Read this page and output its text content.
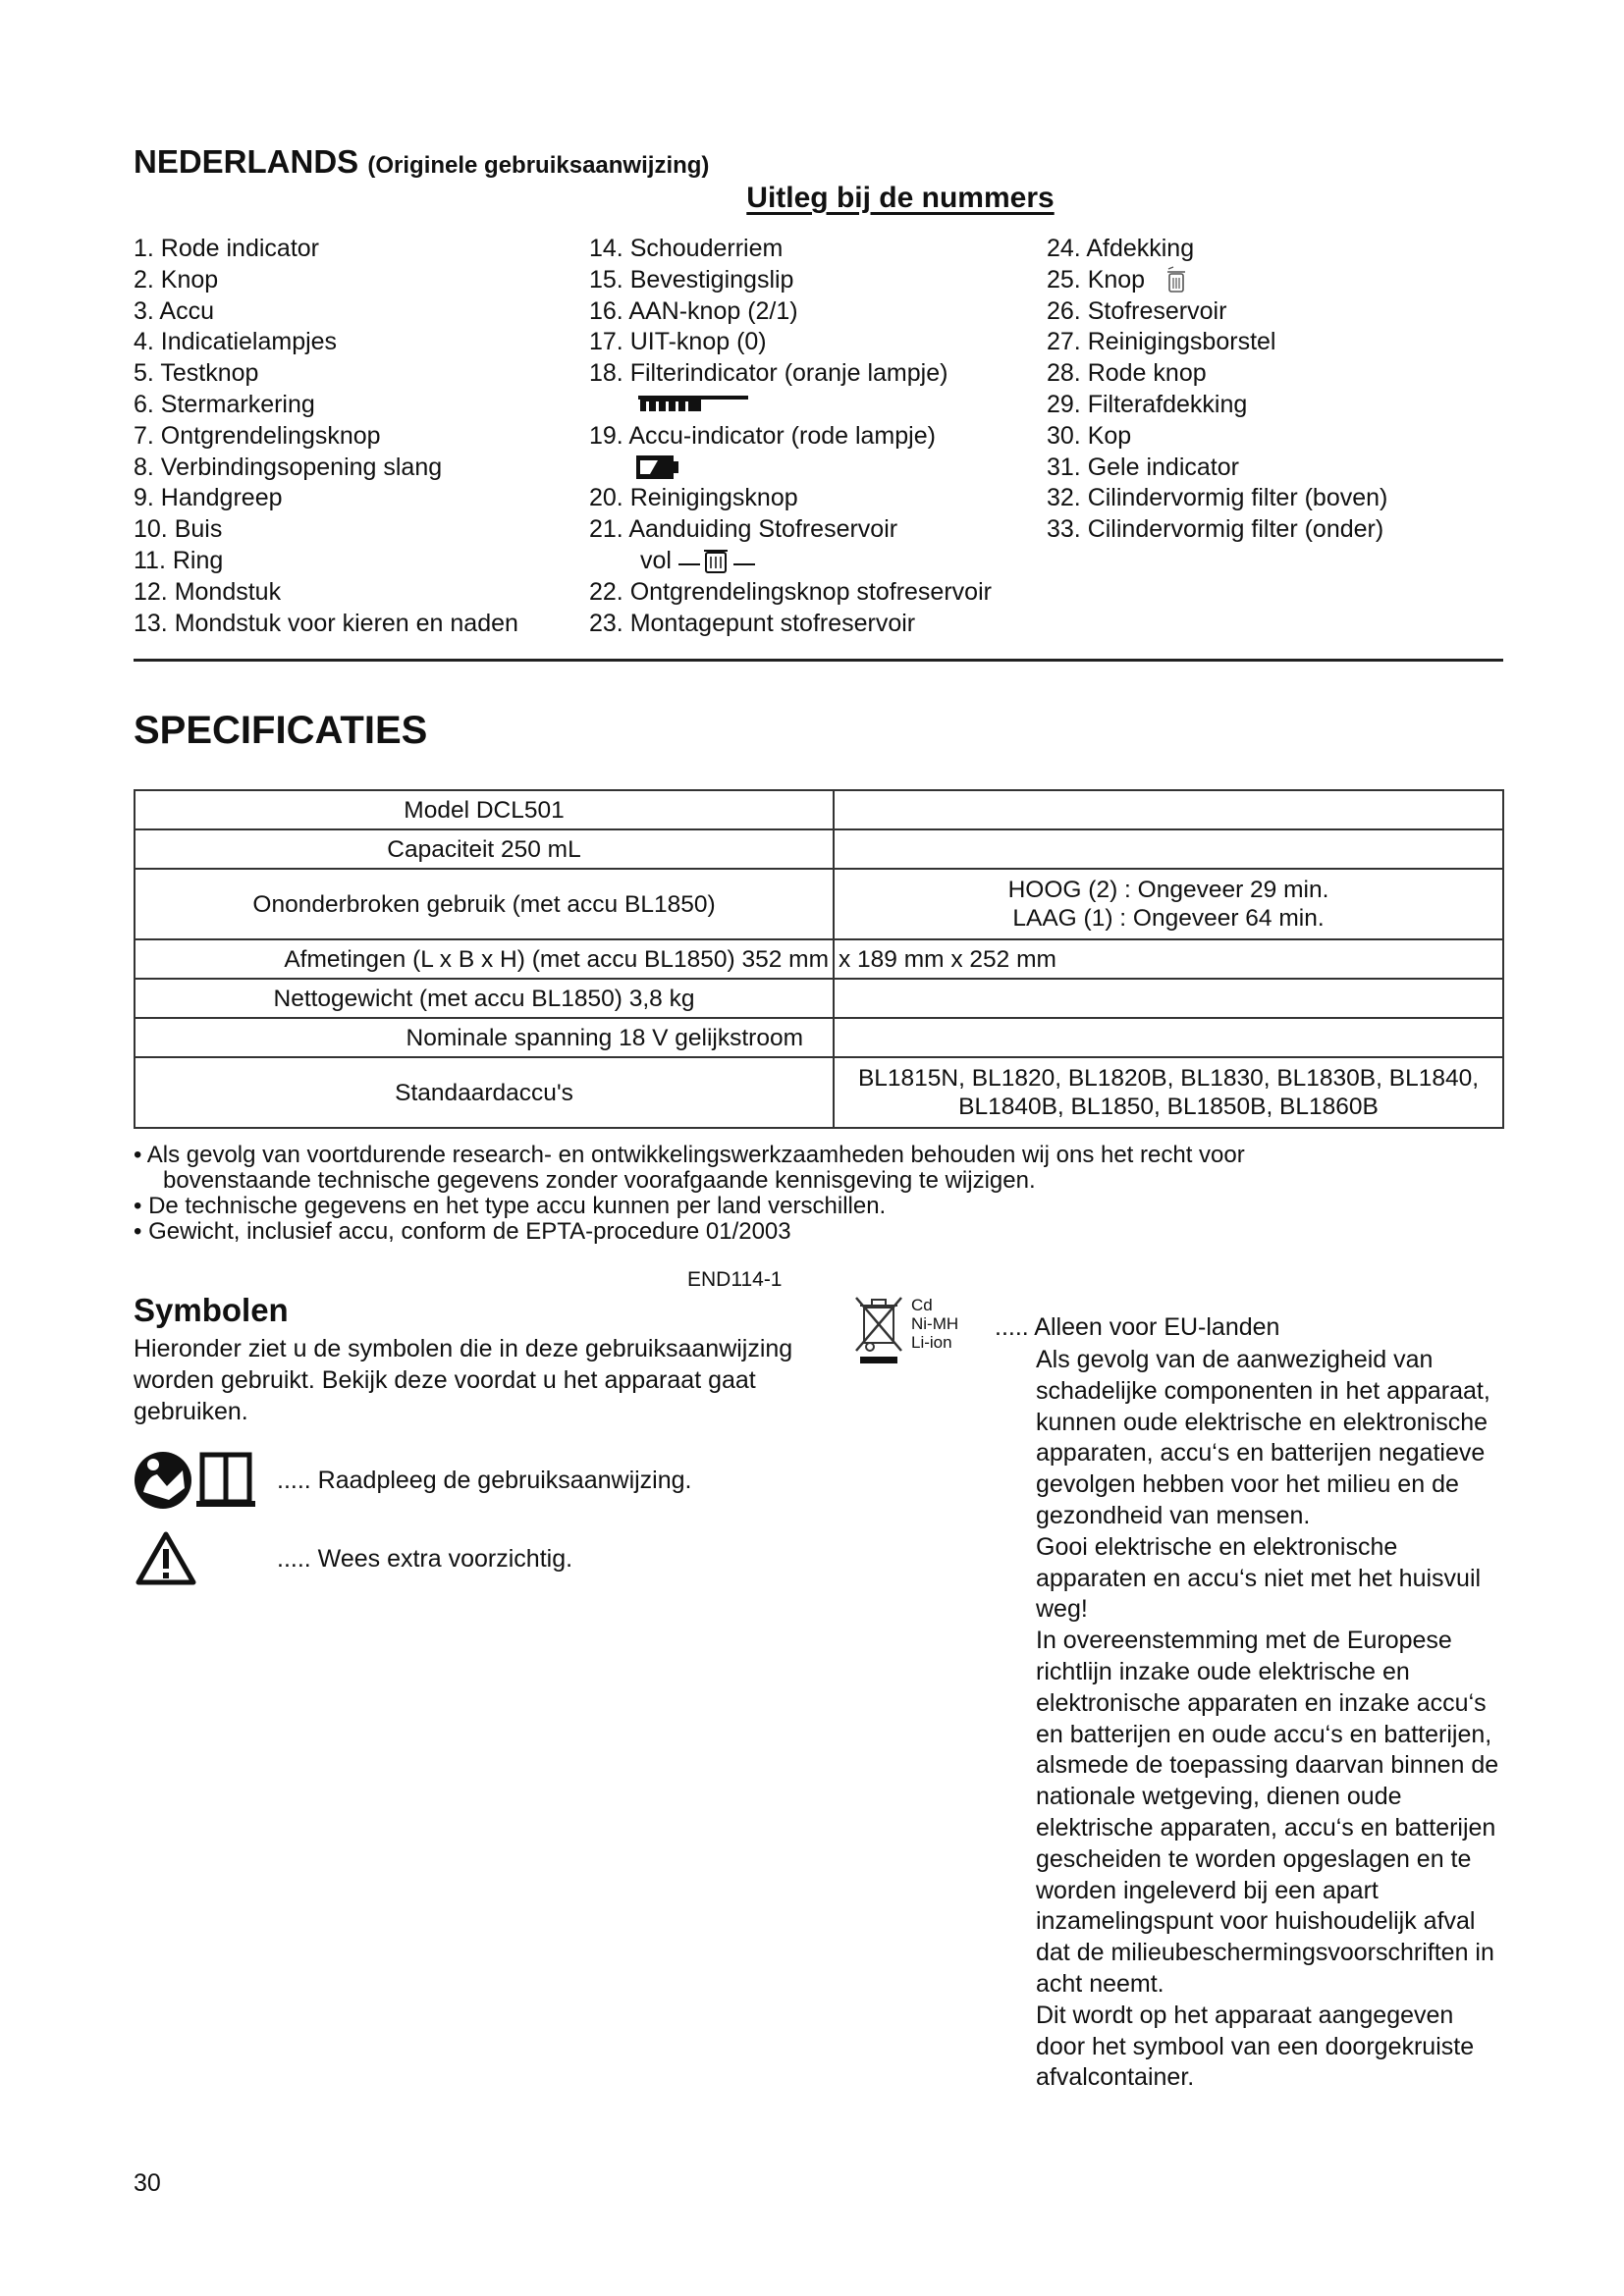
NEDERLANDS (Originele gebruiksaanwijzing)
Uitleg bij de nummers
1. Rode indicator
2. Knop
3. Accu
4. Indicatielampjes
5. Testknop
6. Stermarkering
7. Ontgrendelingsknop
8. Verbindingsopening slang
9. Handgreep
10. Buis
11. Ring
12. Mondstuk
13. Mondstuk voor kieren en naden
14. Schouderriem
15. Bevestigingslip
16. AAN-knop (2/1)
17. UIT-knop (0)
18. Filterindicator (oranje lampje)
19. Accu-indicator (rode lampje)
20. Reinigingsknop
21. Aanduiding Stofreservoir
vol
22. Ontgrendelingsknop stofreservoir
23. Montagepunt stofreservoir
24. Afdekking
25. Knop
26. Stofreservoir
27. Reinigingsborstel
28. Rode knop
29. Filterafdekking
30. Kop
31. Gele indicator
32. Cilindervormig filter (boven)
33. Cilindervormig filter (onder)
SPECIFICATIES
Model DCL501	
Capaciteit 250 mL	
Ononderbroken gebruik (met accu BL1850)	HOOG (2) : Ongeveer 29 min.
LAAG (1) : Ongeveer 64 min.

Afmetingen (L x B x H) (met accu BL1850) 352 mm	x 189 mm x 252 mm
Nettogewicht (met accu BL1850) 3,8 kg	
Nominale spanning 18 V gelijkstroom	
Standaardaccu's	BL1815N, BL1820, BL1820B, BL1830, BL1830B, BL1840,
BL1840B, BL1850, BL1850B, BL1860B
• Als gevolg van voortdurende research- en ontwikkelingswerkzaamheden behouden wij ons het recht voor
bovenstaande technische gegevens zonder voorafgaande kennisgeving te wijzigen.
• De technische gegevens en het type accu kunnen per land verschillen.
• Gewicht, inclusief accu, conform de EPTA-procedure 01/2003
END114-1
Symbolen
Hieronder ziet u de symbolen die in deze gebruiksaanwijzing worden gebruikt. Bekijk deze voordat u het apparaat gaat gebruiken.
..... Raadpleeg de gebruiksaanwijzing.
..... Wees extra voorzichtig.
Cd
Ni-MH
Li-ion
..... Alleen voor EU-landen

Als gevolg van de aanwezigheid van schadelijke componenten in het apparaat, kunnen oude elektrische en elektronische apparaten, accu‘s en batterijen negatieve gevolgen hebben voor het milieu en de gezondheid van mensen.

Gooi elektrische en elektronische apparaten en accu‘s niet met het huisvuil weg!

In overeenstemming met de Europese richtlijn inzake oude elektrische en elektronische apparaten en inzake accu‘s en batterijen en oude accu‘s en batterijen, alsmede de toepassing daarvan binnen de nationale wetgeving, dienen oude elektrische apparaten, accu‘s en batterijen gescheiden te worden opgeslagen en te worden ingeleverd bij een apart inzamelingspunt voor huishoudelijk afval dat de milieubeschermingsvoorschriften in acht neemt.

Dit wordt op het apparaat aangegeven door het symbool van een doorgekruiste afvalcontainer.

30
